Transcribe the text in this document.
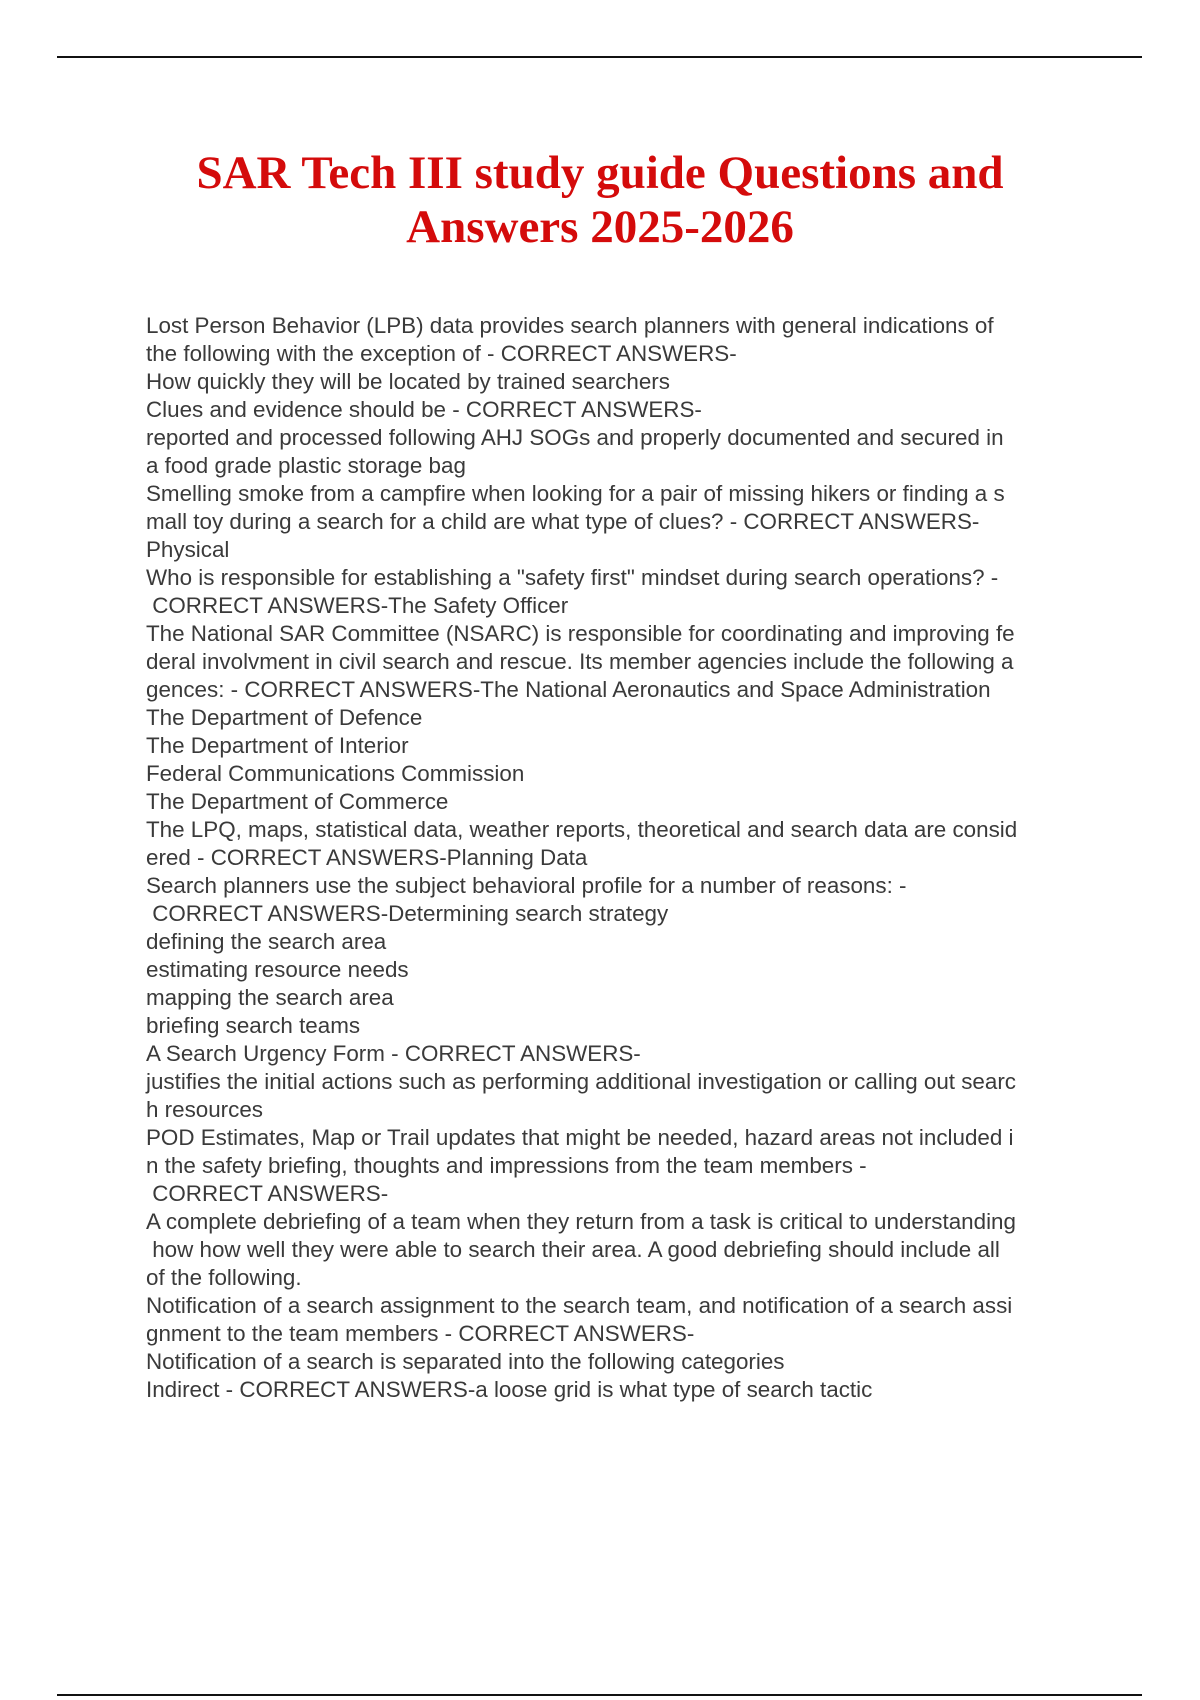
SAR Tech III study guide Questions and
Answers 2025-2026
Lost Person Behavior (LPB) data provides search planners with general indications of
the following with the exception of - CORRECT ANSWERS-
How quickly they will be located by trained searchers
Clues and evidence should be - CORRECT ANSWERS-
reported and processed following AHJ SOGs and properly documented and secured in
a food grade plastic storage bag
Smelling smoke from a campfire when looking for a pair of missing hikers or finding a s
mall toy during a search for a child are what type of clues? - CORRECT ANSWERS-
Physical
Who is responsible for establishing a "safety first" mindset during search operations? -
CORRECT ANSWERS-The Safety Officer
The National SAR Committee (NSARC) is responsible for coordinating and improving fe
deral involvment in civil search and rescue. Its member agencies include the following a
gences: - CORRECT ANSWERS-The National Aeronautics and Space Administration
The Department of Defence
The Department of Interior
Federal Communications Commission
The Department of Commerce
The LPQ, maps, statistical data, weather reports, theoretical and search data are consid
ered - CORRECT ANSWERS-Planning Data
Search planners use the subject behavioral profile for a number of reasons: -
CORRECT ANSWERS-Determining search strategy
defining the search area
estimating resource needs
mapping the search area
briefing search teams
A Search Urgency Form - CORRECT ANSWERS-
justifies the initial actions such as performing additional investigation or calling out searc
h resources
POD Estimates, Map or Trail updates that might be needed, hazard areas not included i
n the safety briefing, thoughts and impressions from the team members -
CORRECT ANSWERS-
A complete debriefing of a team when they return from a task is critical to understanding
how how well they were able to search their area. A good debriefing should include all
of the following.
Notification of a search assignment to the search team, and notification of a search assi
gnment to the team members - CORRECT ANSWERS-
Notification of a search is separated into the following categories
Indirect - CORRECT ANSWERS-a loose grid is what type of search tactic
